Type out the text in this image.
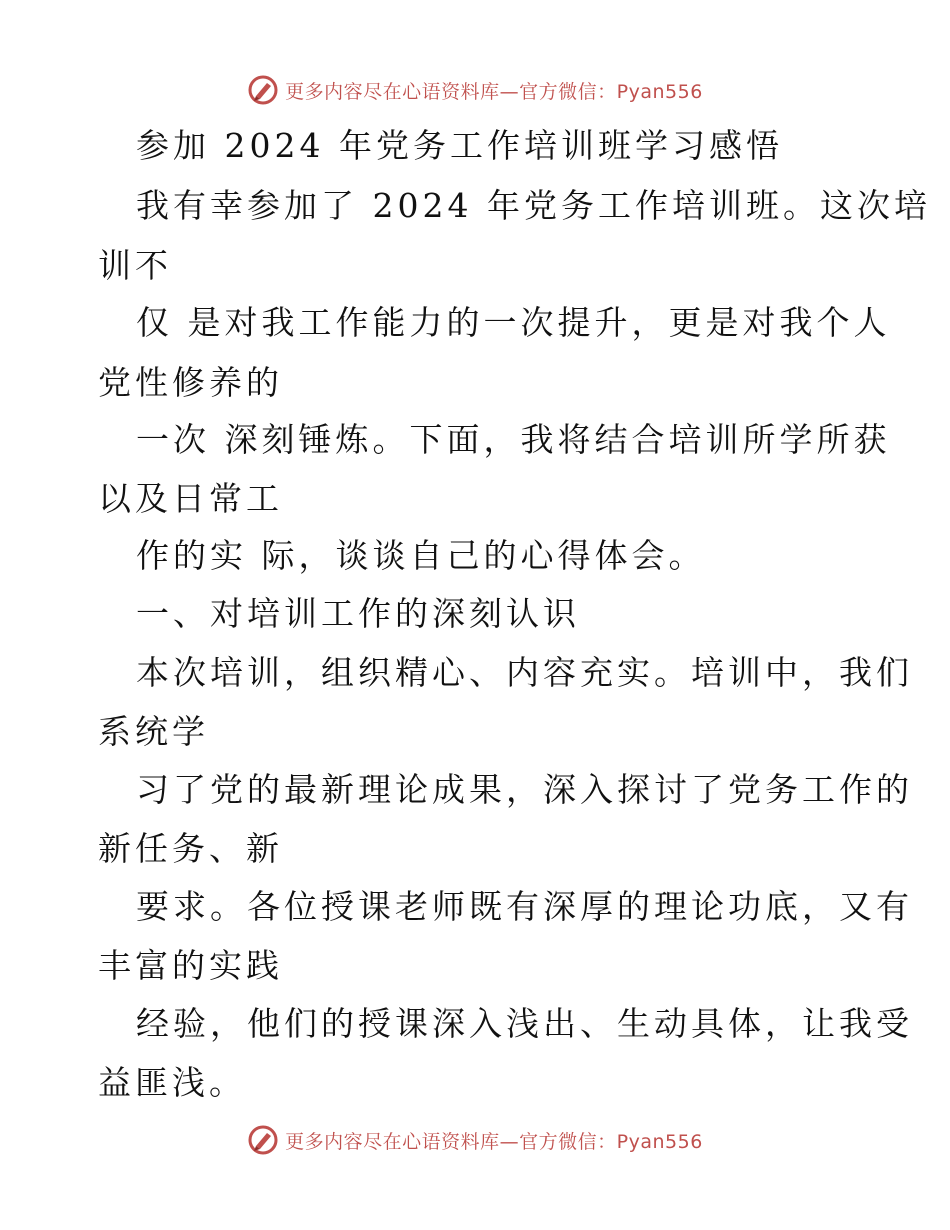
更多内容尽在心语资料库—官方微信：Pyan556
参加 2024 年党务工作培训班学习感悟
我有幸参加了 2024 年党务工作培训班。这次培
训不
仅 是对我工作能力的一次提升，更是对我个人
党性修养的
一次 深刻锤炼。下面，我将结合培训所学所获
以及日常工
作的实 际，谈谈自己的心得体会。
一、对培训工作的深刻认识
本次培训，组织精心、内容充实。培训中，我们
系统学
习了党的最新理论成果，深入探讨了党务工作的
新任务、新
要求。各位授课老师既有深厚的理论功底，又有
丰富的实践
经验，他们的授课深入浅出、生动具体，让我受
益匪浅。
更多内容尽在心语资料库—官方微信：Pyan556
